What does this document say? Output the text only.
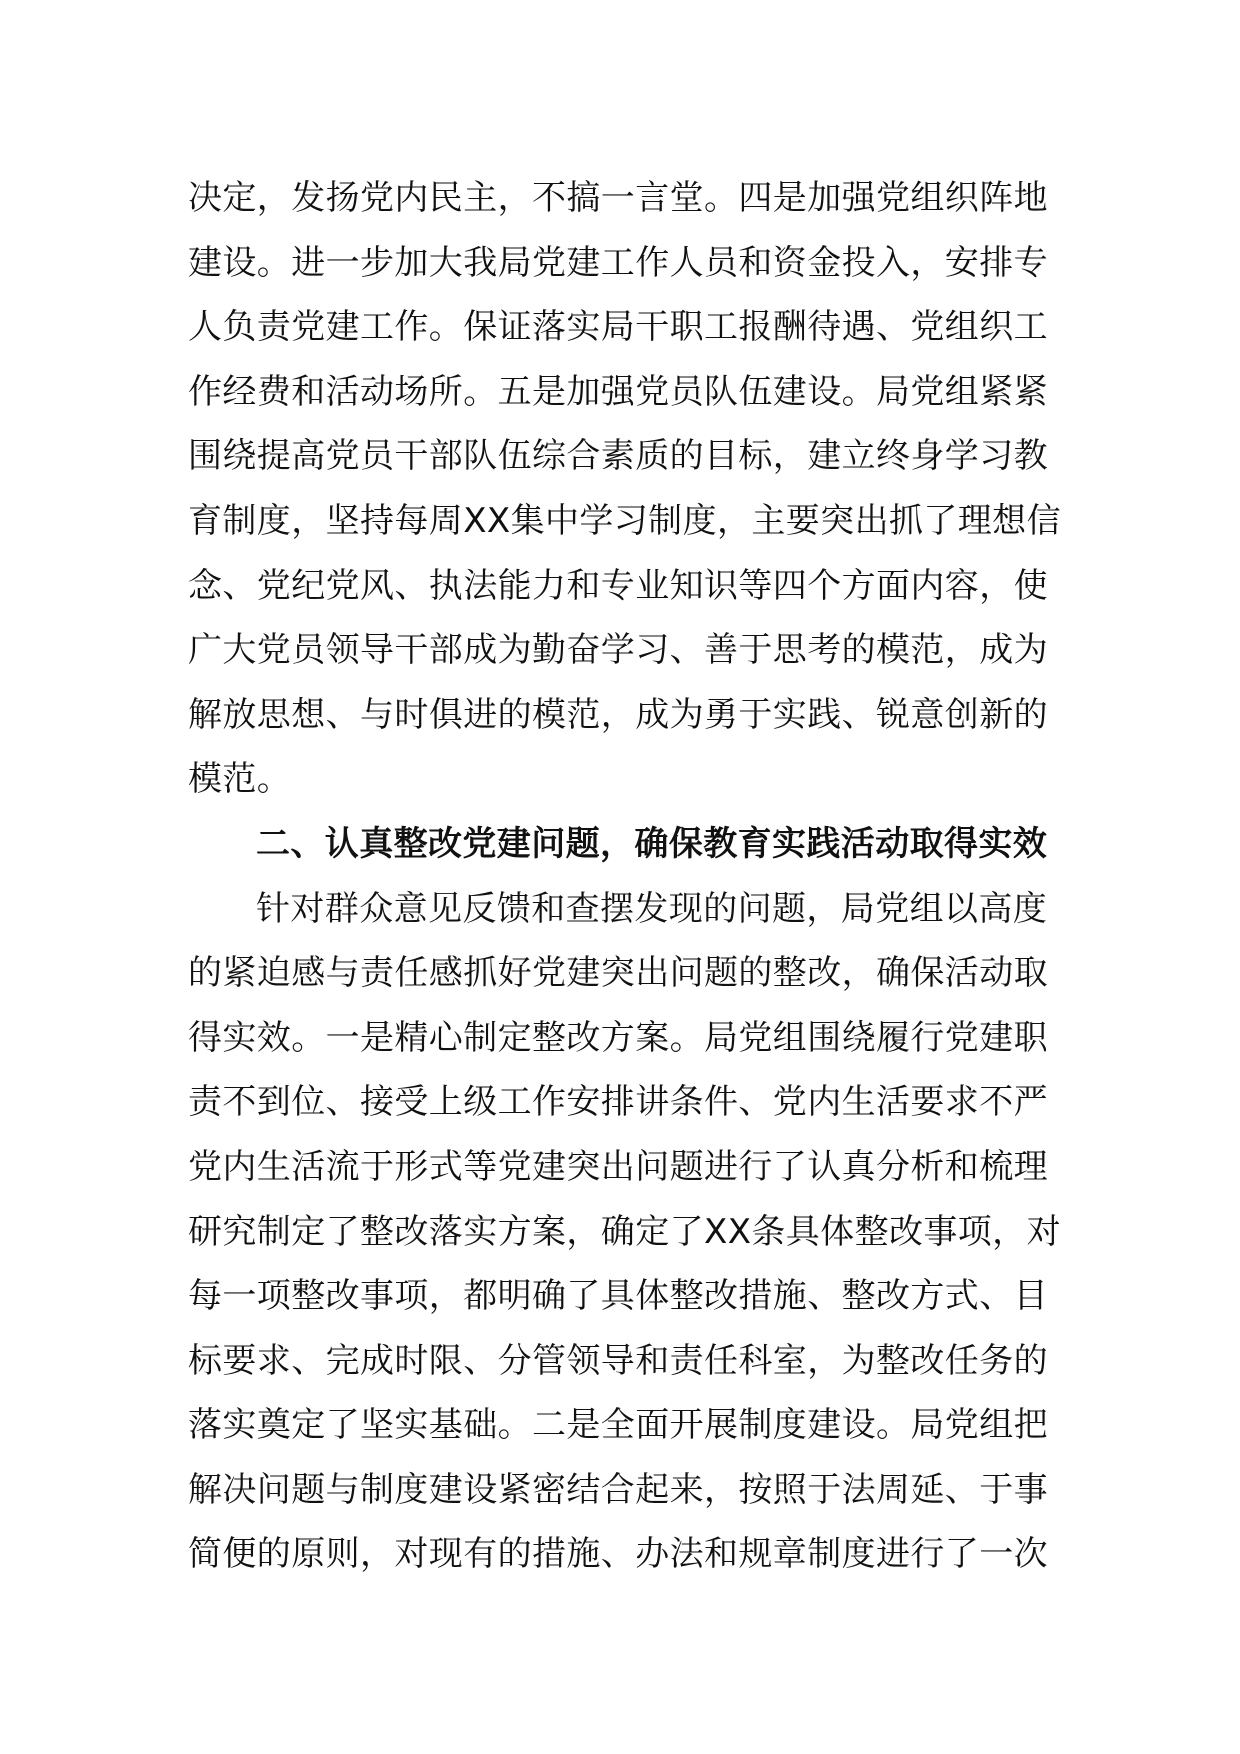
决定，发扬党内民主，不搞一言堂。四是加强党组织阵地
建设。进一步加大我局党建工作人员和资金投入，安排专
人负责党建工作。保证落实局干职工报酬待遇、党组织工
作经费和活动场所。五是加强党员队伍建设。局党组紧紧
围绕提高党员干部队伍综合素质的目标，建立终身学习教
育制度，坚持每周XX集中学习制度，主要突出抓了理想信
念、党纪党风、执法能力和专业知识等四个方面内容，使
广大党员领导干部成为勤奋学习、善于思考的模范，成为
解放思想、与时俱进的模范，成为勇于实践、锐意创新的
模范。
二、认真整改党建问题，确保教育实践活动取得实效
针对群众意见反馈和查摆发现的问题，局党组以高度
的紧迫感与责任感抓好党建突出问题的整改，确保活动取
得实效。一是精心制定整改方案。局党组围绕履行党建职
责不到位、接受上级工作安排讲条件、党内生活要求不严
党内生活流于形式等党建突出问题进行了认真分析和梳理
研究制定了整改落实方案，确定了XX条具体整改事项，对
每一项整改事项，都明确了具体整改措施、整改方式、目
标要求、完成时限、分管领导和责任科室，为整改任务的
落实奠定了坚实基础。二是全面开展制度建设。局党组把
解决问题与制度建设紧密结合起来，按照于法周延、于事
简便的原则，对现有的措施、办法和规章制度进行了一次
